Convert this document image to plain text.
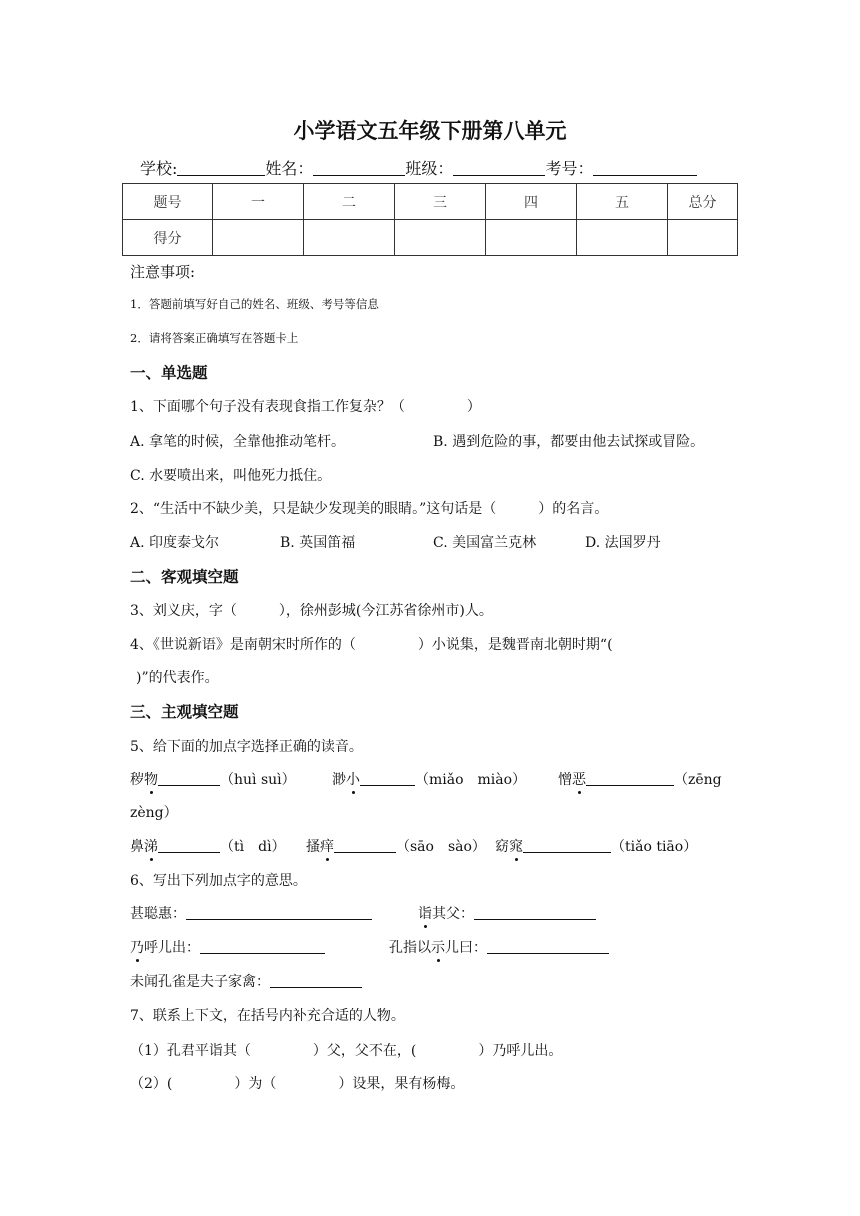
小学语文五年级下册第八单元
学校:	姓名：	班级：	考号：
题号	一	二	三	四	五	总分
得分						
注意事项:
1．答题前填写好自己的姓名、班级、考号等信息
2．请将答案正确填写在答题卡上
一、单选题
1、下面哪个句子没有表现食指工作复杂？（	）
A. 拿笔的时候，全靠他推动笔杆。	B. 遇到危险的事，都要由他去试探或冒险。
C. 水要喷出来，叫他死力抵住。
2、“生活中不缺少美，只是缺少发现美的眼睛。”这句话是（	）的名言。
A. 印度泰戈尔	B. 英国笛福	C. 美国富兰克林	D. 法国罗丹
二、客观填空题
3、刘义庆，字（	），徐州彭城(今江苏省徐州市)人。
4、《世说新语》是南朝宋时所作的（	）小说集，是魏晋南北朝时期“(
)”的代表作。
三、主观填空题
5、给下面的加点字选择正确的读音。
秽物	（huì suì）	渺小	（miǎo　miào） 憎恶	（zēng
zèng）
鼻涕	（tì　dì） 搔痒	（sāo　sào） 窈窕	（tiǎo tiāo）
6、写出下列加点字的意思。
甚聪惠：	诣其父：
乃呼儿出：	孔指以示儿曰：
未闻孔雀是夫子家禽：
7、联系上下文，在括号内补充合适的人物。
（1）孔君平诣其（	）父，父不在，(	）乃呼儿出。
（2）(	）为（	）设果，果有杨梅。
